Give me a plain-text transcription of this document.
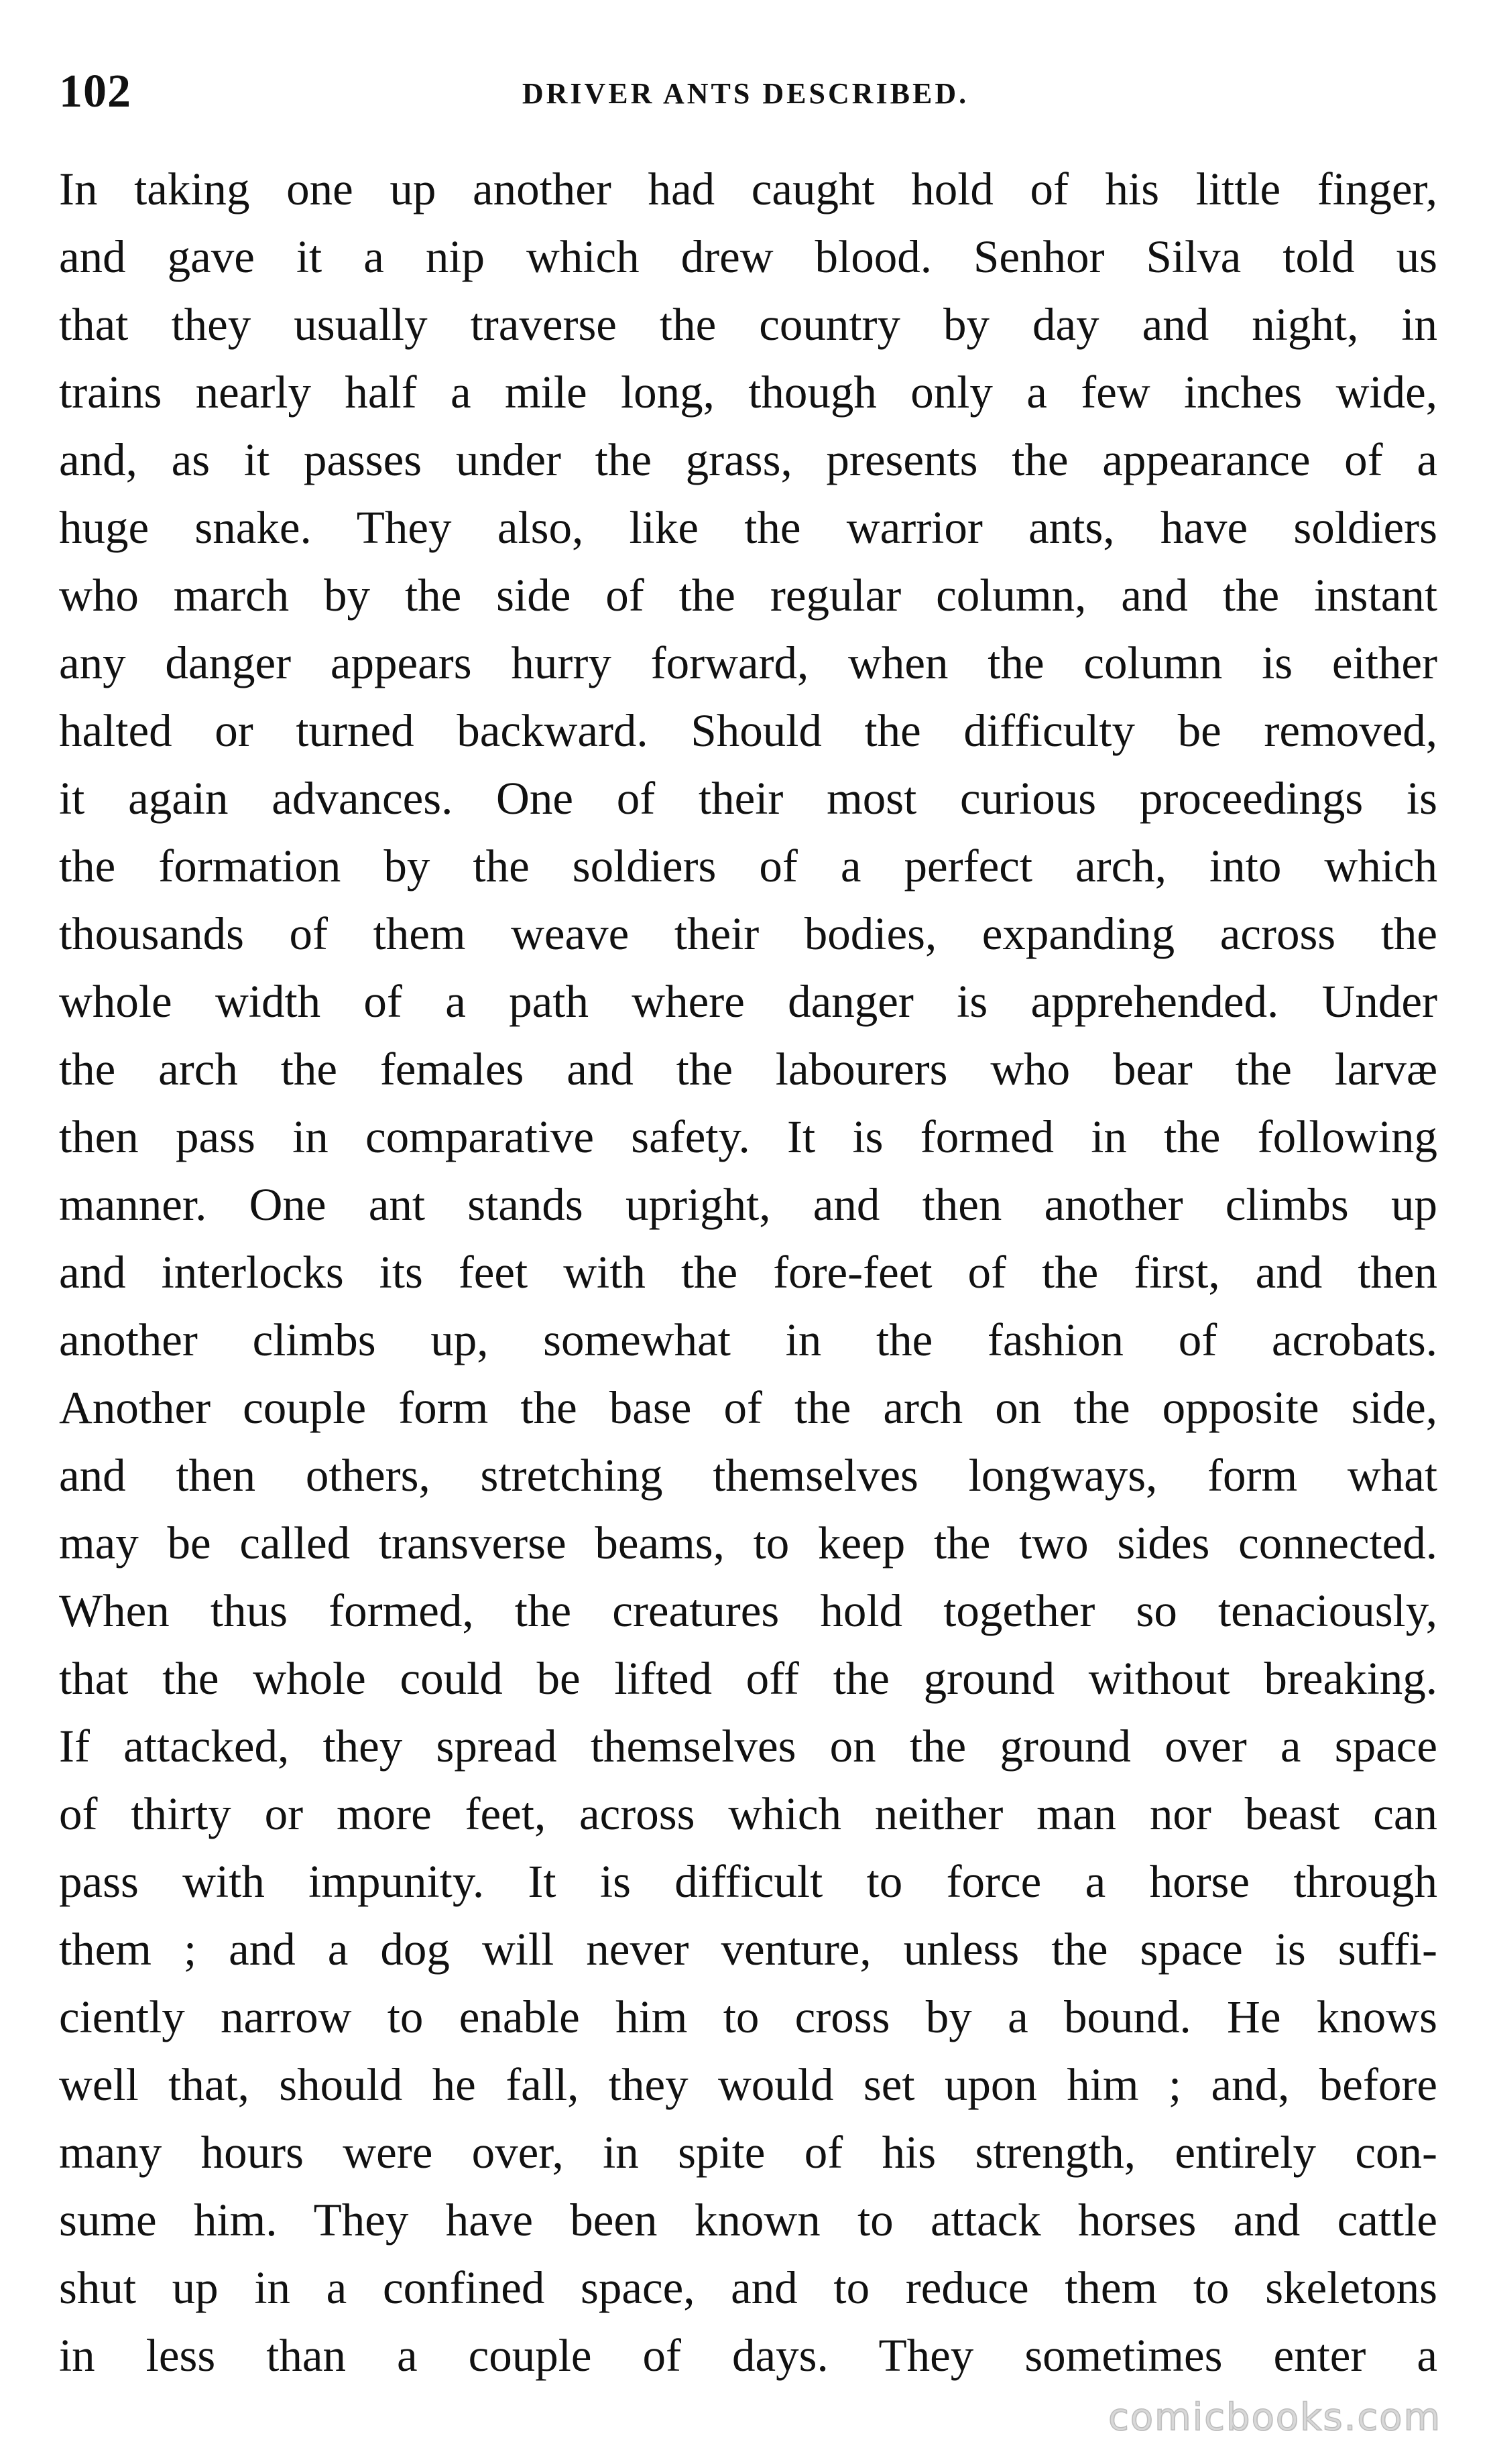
102	DRIVER ANTS DESCRIBED.
In taking one up another had caught hold of his little finger,
and gave it a nip which drew blood. Senhor Silva told us
that they usually traverse the country by day and night, in
trains nearly half a mile long, though only a few inches wide,
and, as it passes under the grass, presents the appearance of a
huge snake. They also, like the warrior ants, have soldiers
who march by the side of the regular column, and the instant
any danger appears hurry forward, when the column is either
halted or turned backward. Should the difficulty be removed,
it again advances. One of their most curious proceedings is
the formation by the soldiers of a perfect arch, into which
thousands of them weave their bodies, expanding across the
whole width of a path where danger is apprehended. Under
the arch the females and the labourers who bear the larvæ
then pass in comparative safety. It is formed in the following
manner. One ant stands upright, and then another climbs up
and interlocks its feet with the fore-feet of the first, and then
another climbs up, somewhat in the fashion of acrobats.
Another couple form the base of the arch on the opposite side,
and then others, stretching themselves longways, form what
may be called transverse beams, to keep the two sides connected.
When thus formed, the creatures hold together so tenaciously,
that the whole could be lifted off the ground without breaking.
If attacked, they spread themselves on the ground over a space
of thirty or more feet, across which neither man nor beast can
pass with impunity. It is difficult to force a horse through
them ; and a dog will never venture, unless the space is suffi-
ciently narrow to enable him to cross by a bound. He knows
well that, should he fall, they would set upon him ; and, before
many hours were over, in spite of his strength, entirely con-
sume him. They have been known to attack horses and cattle
shut up in a confined space, and to reduce them to skeletons
in less than a couple of days. They sometimes enter a
comicbooks.com
